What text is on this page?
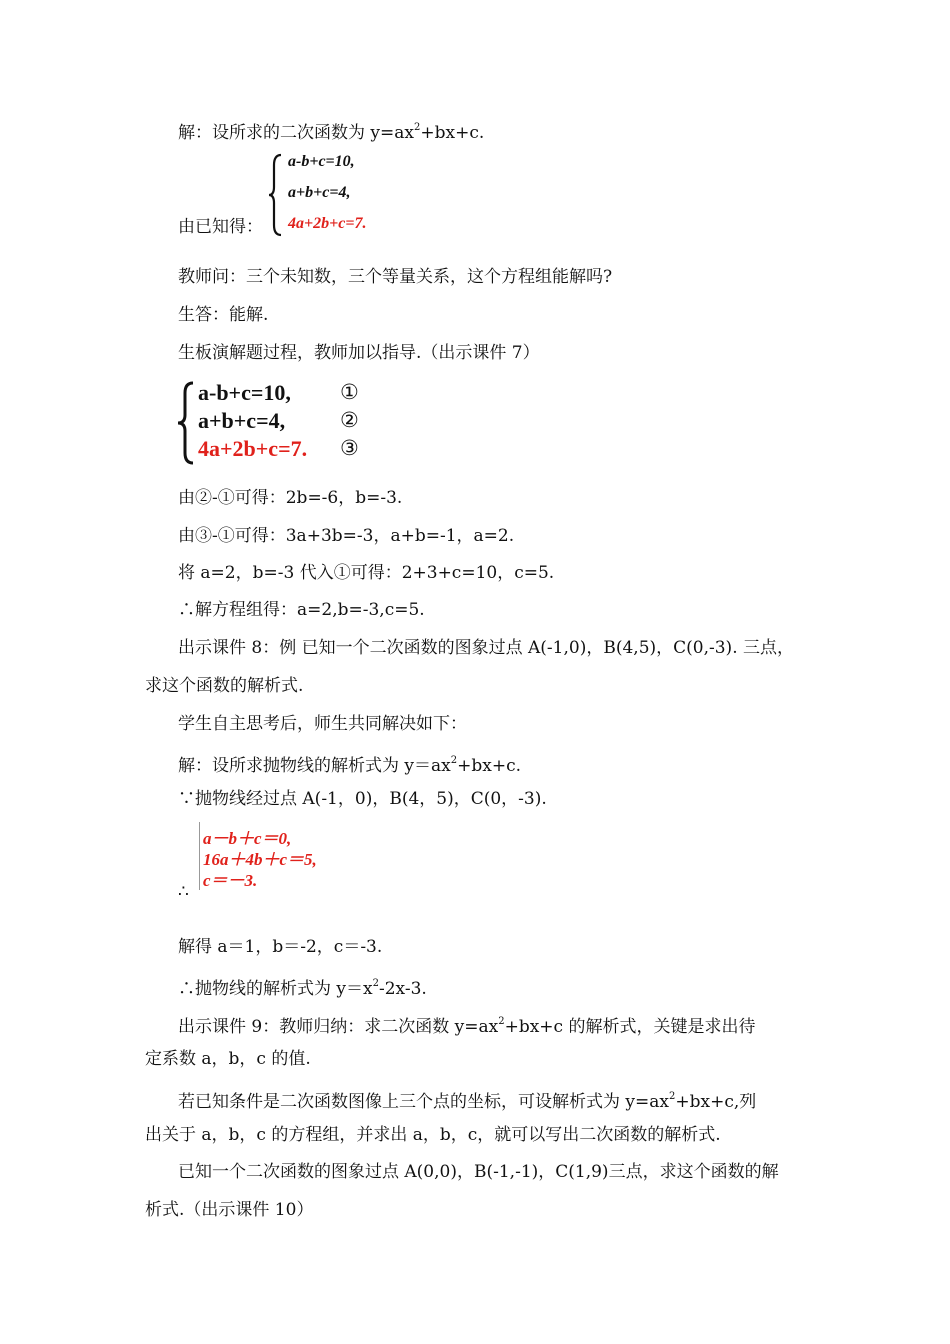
解：设所求的二次函数为 $y=ax^2+bx+c$.
a-b+c=10,
a+b+c=4,
由已知得： 4a+2b+c=7.
教师问：三个未知数，三个等量关系，这个方程组能解吗?
生答：能解.
生板演解题过程，教师加以指导.（出示课件 7）
a-b+c=10, ①
a+b+c=4,	②
4a+2b+c=7. ③
由②-①可得：2b=-6，b=-3.
由③-①可得：3a+3b=-3，a+b=-1，a=2.
将 a=2，b=-3 代入①可得：2+3+c=10，c=5.
∴解方程组得：a=2,b=-3,c=5.
出示课件 8：例 已知一个二次函数的图象过点 A(-1,0)，B(4,5)，C(0,-3). 三点，
求这个函数的解析式.
学生自主思考后，师生共同解决如下：
解：设所求抛物线的解析式为 $y=ax^2+bx+c$.
∵抛物线经过点 A(-1，0)，B(4，5)，C(0，-3).
a－b＋c＝0,
16a＋4b＋c＝5,
c＝－3.
∴
解得 a＝1，b＝-2，c＝-3.
∴抛物线的解析式为 $y=x^2-2x-3$.
出示课件 9：教师归纳：求二次函数 $y=ax^2+bx+c$ 的解析式，关键是求出待
定系数 a，b，c 的值.
若已知条件是二次函数图像上三个点的坐标，可设解析式为 $y=ax^2+bx+c$,列
出关于 a，b，c 的方程组，并求出 a，b，c，就可以写出二次函数的解析式.
已知一个二次函数的图象过点 A(0,0)，B(-1,-1)，C(1,9)三点，求这个函数的解
析式.（出示课件 10）
